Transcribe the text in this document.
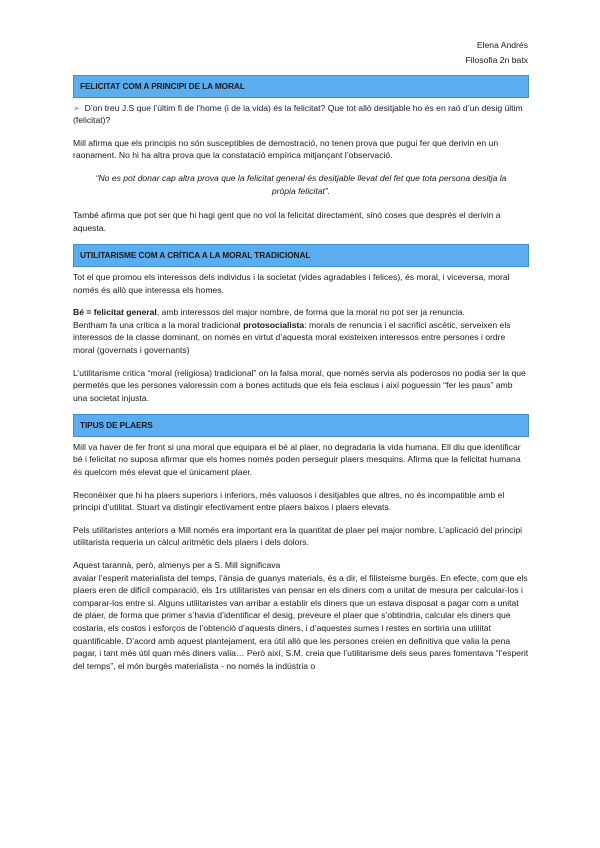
Elena Andrés
Filosofia 2n batx
FELICITAT COM A PRINCIPI DE LA MORAL

➢ D’on treu J.S que l’últim fi de l’home (i de la vida) és la felicitat? Que tot allò desitjable ho és en raó d’un desig últim (felicitat)?

Mill afirma que els principis no són susceptibles de demostració, no tenen prova que pugui fer que derivin en un raonament. No hi ha altra prova que la constatació empírica mitjançant l’observació.

“No es pot donar cap altra prova que la felicitat general és desitjable llevat del fet que tota persona desitja la pròpia felicitat”.

També afirma que pot ser que hi hagi gent que no vol la felicitat directament, sinó coses que després el derivin a aquesta.

UTILITARISME COM A CRÍTICA A LA MORAL TRADICIONAL

Tot el que promou els interessos dels individus i la societat (vides agradables i felices), és moral, i viceversa, moral només és allò que interessa els homes.

Bé = felicitat general, amb interessos del major nombre, de forma que la moral no pot ser ja renuncia.

Bentham fa una crítica a la moral tradicional protosocialista: morals de renuncia i el sacrifici ascètic, serveixen els interessos de la classe dominant, on només en virtut d’aquesta moral existeixen interessos entre persones i ordre moral (governats i governants)

L’utilitarisme critica “moral (religiosa) tradicional” on la falsa moral, que només servia als poderosos no podia ser la que permetés que les persones valoressin com a bones actituds que els feia esclaus i així poguessin “fer les paus” amb una societat injusta.

TIPUS DE PLAERS

Mill va haver de fer front si una moral que equipara el bé al plaer, no degradaria la vida humana. Ell diu que identificar bé i felicitat no suposa afirmar que els homes només poden perseguir plaers mesquins. Afirma que la felicitat humana és quelcom més elevat que el únicament plaer.

Reconèixer que hi ha plaers superiors i inferiors, més valuosos i desitjables que altres, no és incompatible amb el principi d’utilitat. Stuart va distingir efectivament entre plaers baixos i plaers elevats.

Pels utilitaristes anteriors a Mill només era important era la quantitat de plaer pel major nombre. L’aplicació del principi utilitarista requeria un càlcul aritmètic dels plaers i dels dolors.

Aquest tarannà, però, almenys per a S. Mill significava

avalar l’esperit materialista del temps, l’ànsia de guanys materials, és a dir, el filisteisme burgès. En efecte, com que els plaers eren de difícil comparació, els 1rs utilitaristes van pensar en els diners com a unitat de mesura per calcular-los i comparar-los entre si. Alguns utilitaristes van arribar a establir els diners que un estava disposat a pagar com a unitat de plaer, de forma que primer s’havia d’identificar el desig, preveure el plaer que s’obtindria, calcular els diners que costaria, els costos i esforços de l’obtenció d’aquests diners, i d’aquestes sumes i restes en sortiria una utilitat quantificable. D’acord amb aquest plantejament, era útil allò que les persones creien en definitiva que valia la pena pagar, i tant més útil quan més diners valia… Però així, S.M. creia que l’utilitarisme dels seus pares fomentava “l’esperit del temps”, el món burgès materialista - no només la indústria o
